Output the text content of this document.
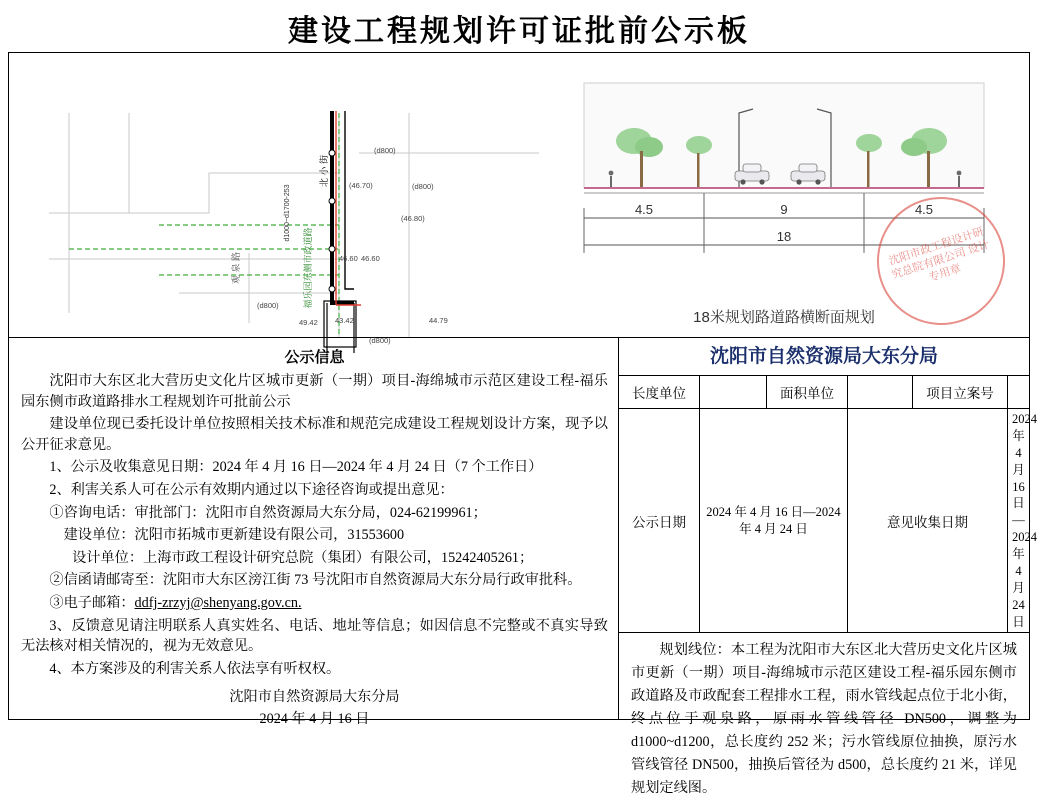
建设工程规划许可证批前公示板
北 小 街
福乐园东侧市政道路
观 泉 路
d1000~d1700-253
(d800)
(d800)
(d800)
(d800)
(46.70)
(46.80)
46.60
46.60
43.42	44.79
49.42
4.5	9	4.5
18
18米规划路道路横断面规划
沈阳市政工程设计研究总院有限公司 设计专用章
公示信息

沈阳市大东区北大营历史文化片区城市更新（一期）项目-海绵城市示范区建设工程-福乐园东侧市政道路排水工程规划许可批前公示

建设单位现已委托设计单位按照相关技术标准和规范完成建设工程规划设计方案，现予以公开征求意见。

1、公示及收集意见日期：2024 年 4 月 16 日—2024 年 4 月 24 日（7 个工作日）

2、利害关系人可在公示有效期内通过以下途径咨询或提出意见：

①咨询电话：审批部门：沈阳市自然资源局大东分局，024-62199961；

建设单位：沈阳市拓城市更新建设有限公司，31553600

设计单位：上海市政工程设计研究总院（集团）有限公司，15242405261；

②信函请邮寄至：沈阳市大东区滂江街 73 号沈阳市自然资源局大东分局行政审批科。

③电子邮箱：ddfj-zrzyj@shenyang.gov.cn.

3、反馈意见请注明联系人真实姓名、电话、地址等信息；如因信息不完整或不真实导致无法核对相关情况的，视为无效意见。

4、本方案涉及的利害关系人依法享有听权权。

沈阳市自然资源局大东分局
2024 年 4 月 16 日
沈阳市自然资源局大东分局
长度单位		面积单位		项目立案号	
公示日期	2024 年 4 月 16 日—2024 年 4 月 24 日		意见收集日期		2024 年 4 月 16 日—2024 年 4 月 24 日
规划线位：本工程为沈阳市大东区北大营历史文化片区城市更新（一期）项目-海绵城市示范区建设工程-福乐园东侧市政道路及市政配套工程排水工程，雨水管线起点位于北小街，终点位于观泉路，原雨水管线管径 DN500，调整为 d1000~d1200，总长度约 252 米；污水管线原位抽换，原污水管线管径 DN500，抽换后管径为 d500，总长度约 21 米，详见规划定线图。
